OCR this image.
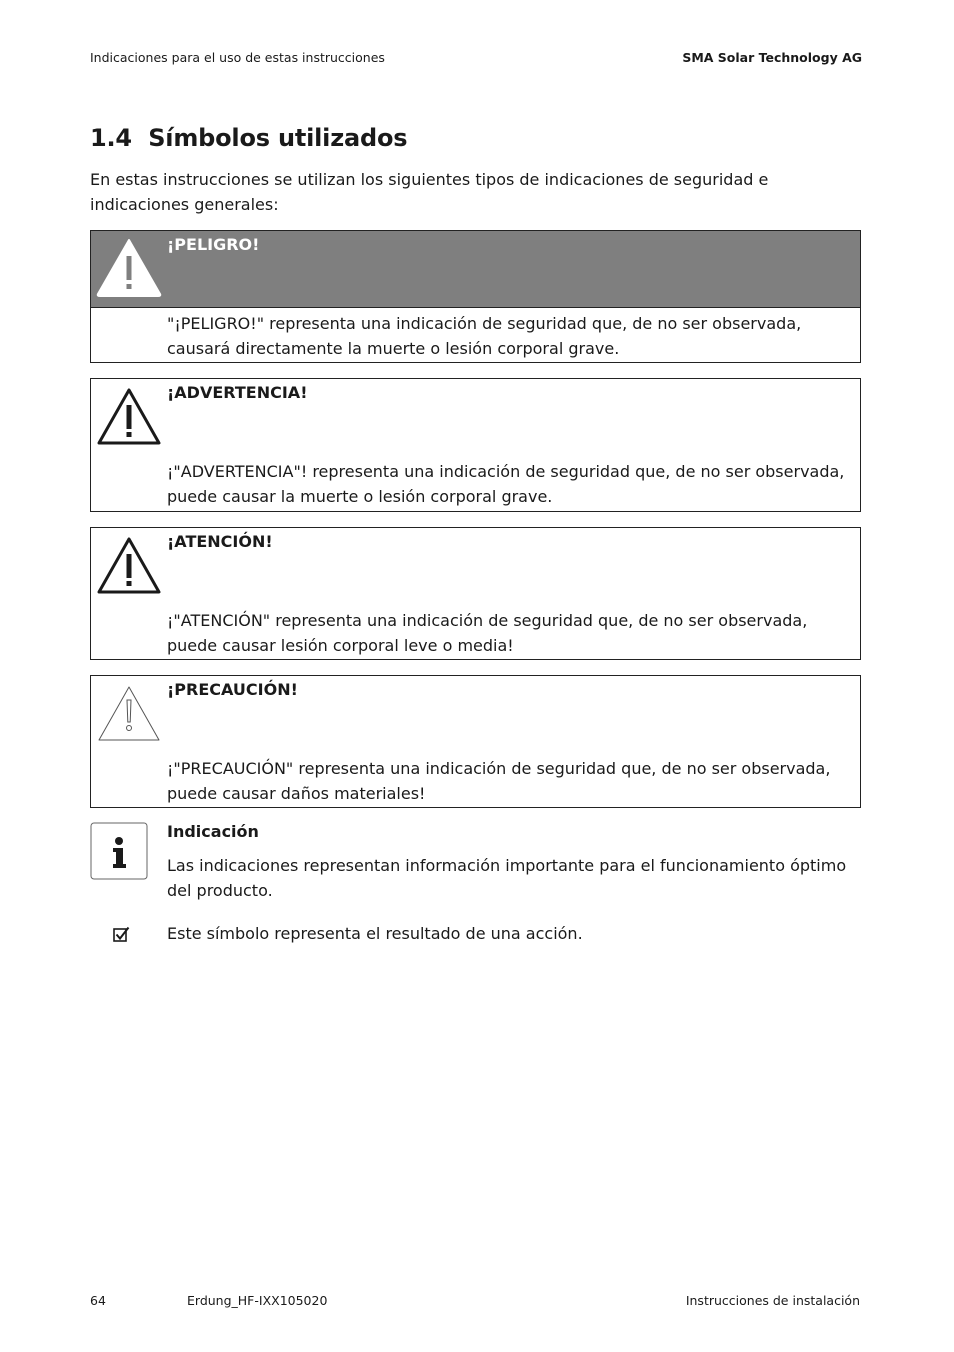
Indicaciones para el uso de estas instrucciones	SMA Solar Technology AG
1.4  Símbolos utilizados
En estas instrucciones se utilizan los siguientes tipos de indicaciones de seguridad e indicaciones generales:
¡PELIGRO!
"¡PELIGRO!" representa una indicación de seguridad que, de no ser observada, causará directamente la muerte o lesión corporal grave.
¡ADVERTENCIA!
¡"ADVERTENCIA"! representa una indicación de seguridad que, de no ser observada, puede causar la muerte o lesión corporal grave.
¡ATENCIÓN!
¡"ATENCIÓN" representa una indicación de seguridad que, de no ser observada, puede causar lesión corporal leve o media!
¡PRECAUCIÓN!
¡"PRECAUCIÓN" representa una indicación de seguridad que, de no ser observada, puede causar daños materiales!
Indicación
Las indicaciones representan información importante para el funcionamiento óptimo del producto.
Este símbolo representa el resultado de una acción.
64	Erdung_HF-IXX105020	Instrucciones de instalación
